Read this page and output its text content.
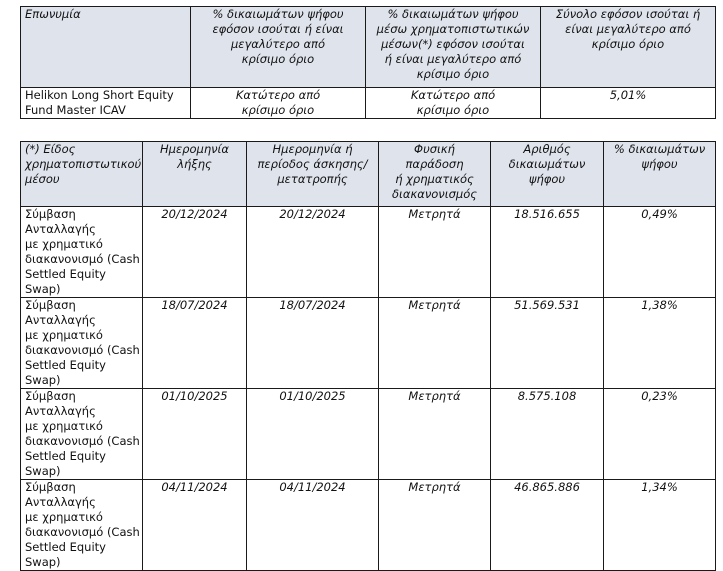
Επωνυμία	% δικαιωμάτων ψήφου
εφόσον ισούται ή είναι
μεγαλύτερο από
κρίσιμο όριο	% δικαιωμάτων ψήφου
μέσω χρηματοπιστωτικών
μέσων(*) εφόσον ισούται
ή είναι μεγαλύτερο από
κρίσιμο όριο	Σύνολο εφόσον ισούται ή
είναι μεγαλύτερο από
κρίσιμο όριο

Helikon Long Short Equity
Fund Master ICAV	Κατώτερο από
κρίσιμο όριο	Κατώτερο από
κρίσιμο όριο	5,01%
(*) Είδος
χρηματοπιστωτικού
μέσου	Ημερομηνία
λήξης	Ημερομηνία ή
περίοδος άσκησης/
μετατροπής	Φυσική
παράδοση
ή χρηματικός
διακανονισμός	Αριθμός
δικαιωμάτων
ψήφου	% δικαιωμάτων
ψήφου

Σύμβαση Ανταλλαγής
με χρηματικό
διακανονισμό (Cash
Settled Equity Swap)	20/12/2024	20/12/2024	Μετρητά	18.516.655	0,49%

Σύμβαση Ανταλλαγής
με χρηματικό
διακανονισμό (Cash
Settled Equity Swap)	18/07/2024	18/07/2024	Μετρητά	51.569.531	1,38%

Σύμβαση Ανταλλαγής
με χρηματικό
διακανονισμό (Cash
Settled Equity Swap)	01/10/2025	01/10/2025	Μετρητά	8.575.108	0,23%

Σύμβαση Ανταλλαγής
με χρηματικό
διακανονισμό (Cash
Settled Equity Swap)	04/11/2024	04/11/2024	Μετρητά	46.865.886	1,34%
